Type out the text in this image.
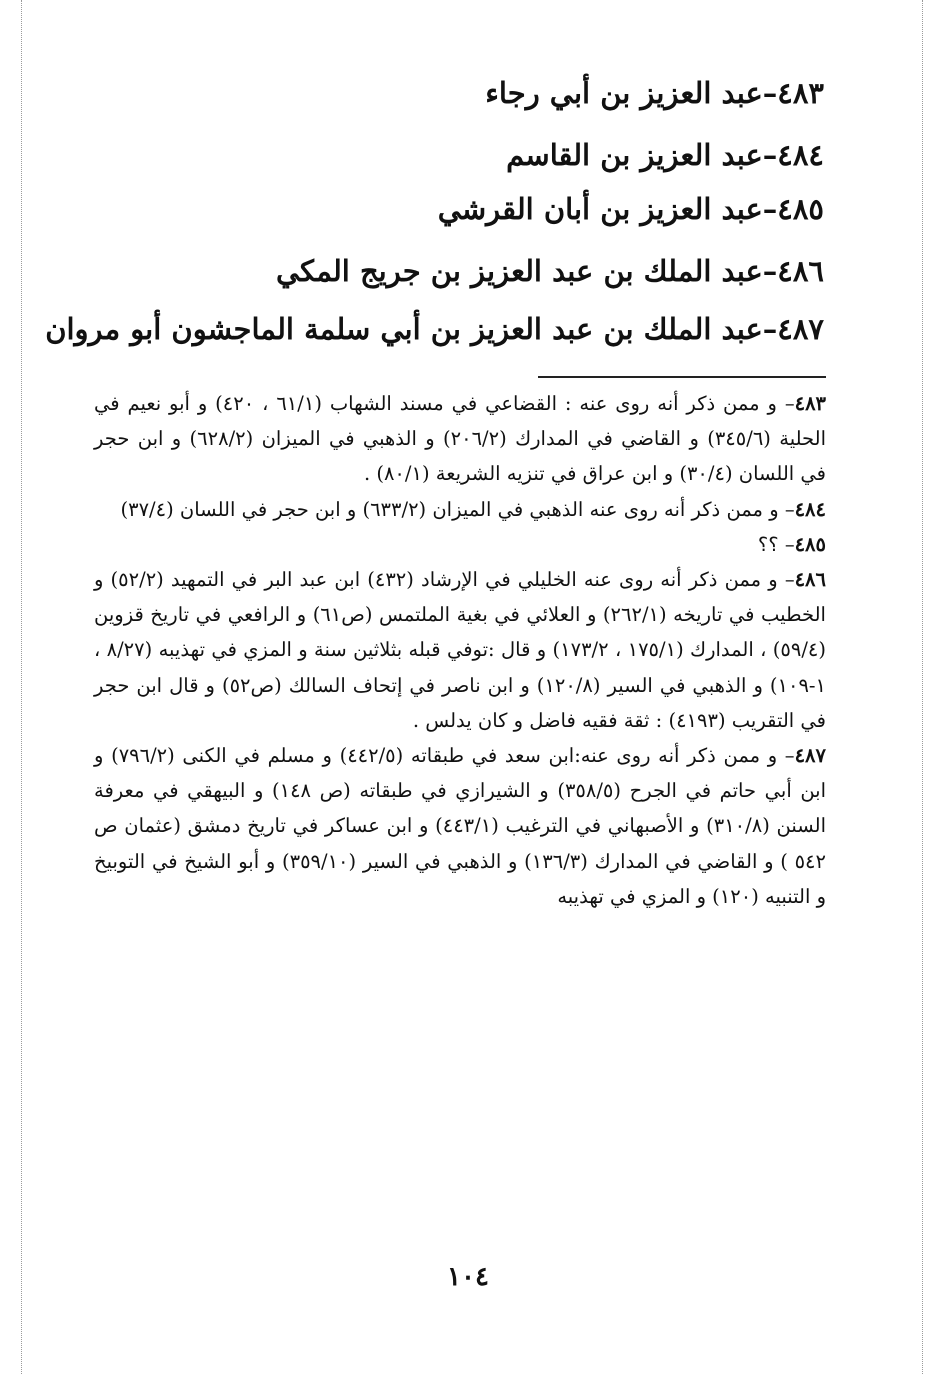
٤٨٣–عبد العزيز بن أبي رجاء
٤٨٤–عبد العزيز بن القاسم
٤٨٥–عبد العزيز بن أبان القرشي
٤٨٦–عبد الملك بن عبد العزيز بن جريج المكي
٤٨٧–عبد الملك بن عبد العزيز بن أبي سلمة الماجشون أبو مروان

٤٨٣– و ممن ذكر أنه روى عنه : القضاعي في مسند الشهاب (٦١/١ ، ٤٢٠) و أبو نعيم في الحلية (٣٤٥/٦) و القاضي في المدارك (٢٠٦/٢) و الذهبي في الميزان (٦٢٨/٢) و ابن حجر في اللسان (٣٠/٤) و ابن عراق في تنزيه الشريعة (٨٠/١) .

٤٨٤– و ممن ذكر أنه روى عنه الذهبي في الميزان (٦٣٣/٢) و ابن حجر في اللسان (٣٧/٤)

٤٨٥– ؟؟

٤٨٦– و ممن ذكر أنه روى عنه الخليلي في الإرشاد (٤٣٢) ابن عبد البر في التمهيد (٥٢/٢) و الخطيب في تاريخه (٢٦٢/١) و العلائي في بغية الملتمس (ص٦١) و الرافعي في تاريخ قزوين (٥٩/٤) ، المدارك (١٧٥/١ ، ١٧٣/٢) و قال :توفي قبله بثلاثين سنة و المزي في تهذيبه (٨/٢٧ ، ١-١٠٩) و الذهبي في السير (١٢٠/٨) و ابن ناصر في إتحاف السالك (ص٥٢) و قال ابن حجر في التقريب (٤١٩٣) : ثقة فقيه فاضل و كان يدلس .

٤٨٧– و ممن ذكر أنه روى عنه:ابن سعد في طبقاته (٤٤٢/٥) و مسلم في الكنى (٧٩٦/٢) و ابن أبي حاتم في الجرح (٣٥٨/٥) و الشيرازي في طبقاته (ص ١٤٨) و البيهقي في معرفة السنن (٣١٠/٨) و الأصبهاني في الترغيب (٤٤٣/١) و ابن عساكر في تاريخ دمشق (عثمان ص ٥٤٢ ) و القاضي في المدارك (١٣٦/٣) و الذهبي في السير (٣٥٩/١٠) و أبو الشيخ في التوبيخ و التنبيه (١٢٠) و المزي في تهذيبه

١٠٤
